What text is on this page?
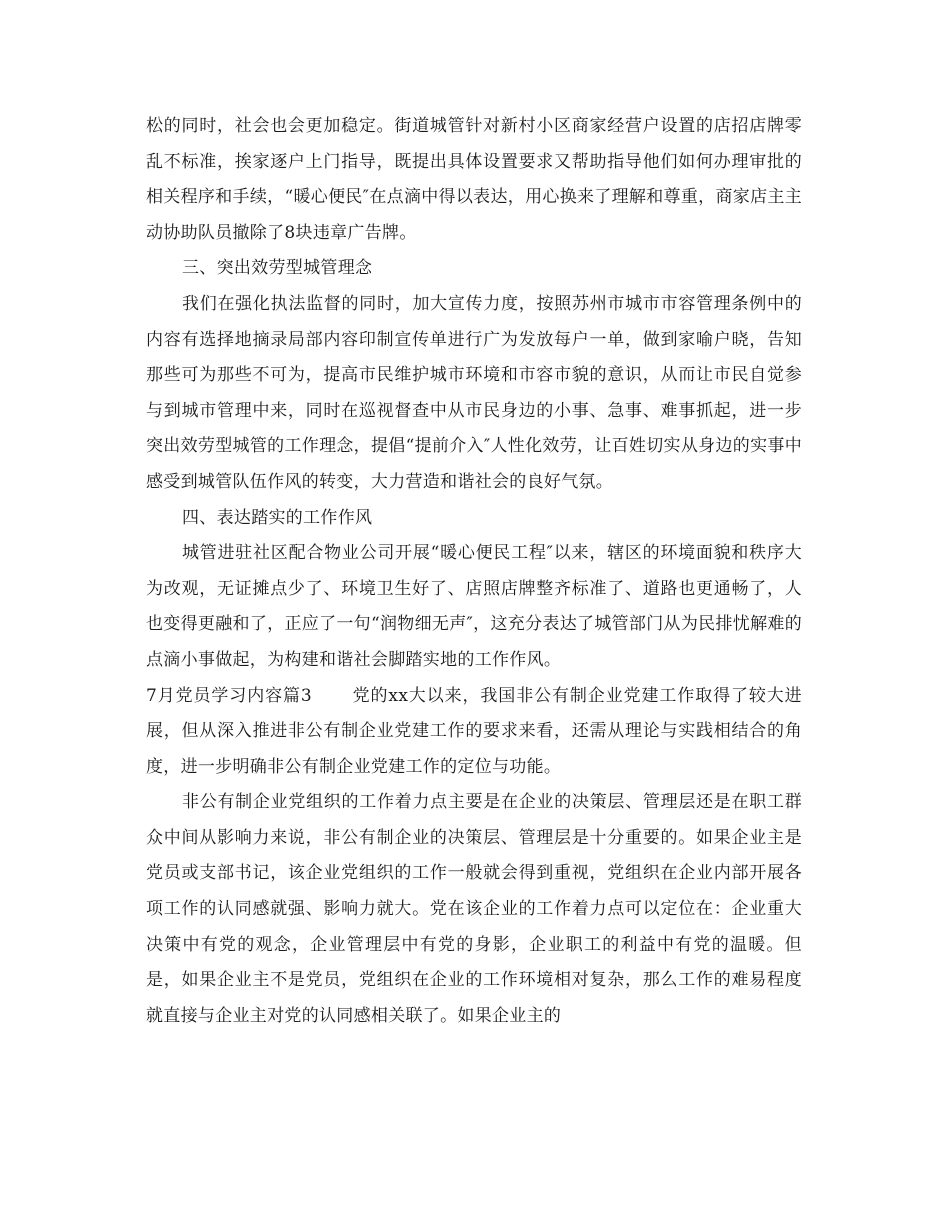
松的同时，社会也会更加稳定。街道城管针对新村小区商家经营户设置的店招店牌零乱不标准，挨家逐户上门指导，既提出具体设置要求又帮助指导他们如何办理审批的相关程序和手续，“暖心便民″在点滴中得以表达，用心换来了理解和尊重，商家店主主动协助队员撤除了8块违章广告牌。

三、突出效劳型城管理念

我们在强化执法监督的同时，加大宣传力度，按照苏州市城市市容管理条例中的内容有选择地摘录局部内容印制宣传单进行广为发放每户一单，做到家喻户晓，告知那些可为那些不可为，提高市民维护城市环境和市容市貌的意识，从而让市民自觉参与到城市管理中来，同时在巡视督查中从市民身边的小事、急事、难事抓起，进一步突出效劳型城管的工作理念，提倡“提前介入″人性化效劳，让百姓切实从身边的实事中感受到城管队伍作风的转变，大力营造和谐社会的良好气氛。

四、表达踏实的工作作风

城管进驻社区配合物业公司开展“暖心便民工程″以来，辖区的环境面貌和秩序大为改观，无证摊点少了、环境卫生好了、店照店牌整齐标准了、道路也更通畅了，人也变得更融和了，正应了一句“润物细无声″，这充分表达了城管部门从为民排忧解难的点滴小事做起，为构建和谐社会脚踏实地的工作作风。

7月党员学习内容篇3 党的xx大以来，我国非公有制企业党建工作取得了较大进展，但从深入推进非公有制企业党建工作的要求来看，还需从理论与实践相结合的角度，进一步明确非公有制企业党建工作的定位与功能。

非公有制企业党组织的工作着力点主要是在企业的决策层、管理层还是在职工群众中间从影响力来说，非公有制企业的决策层、管理层是十分重要的。如果企业主是党员或支部书记，该企业党组织的工作一般就会得到重视，党组织在企业内部开展各项工作的认同感就强、影响力就大。党在该企业的工作着力点可以定位在：企业重大决策中有党的观念，企业管理层中有党的身影，企业职工的利益中有党的温暖。但是，如果企业主不是党员，党组织在企业的工作环境相对复杂，那么工作的难易程度就直接与企业主对党的认同感相关联了。如果企业主的
